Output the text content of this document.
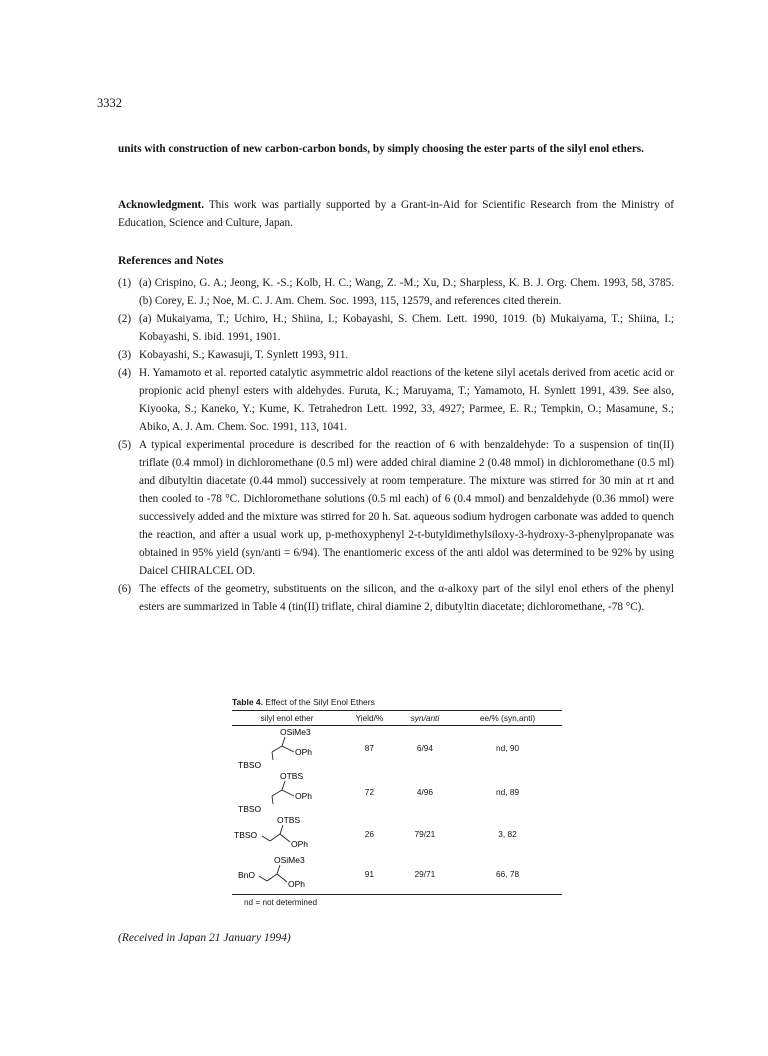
3332

units with construction of new carbon-carbon bonds, by simply choosing the ester parts of the silyl enol ethers.

Acknowledgment. This work was partially supported by a Grant-in-Aid for Scientific Research from the Ministry of Education, Science and Culture, Japan.

References and Notes
(1) (a) Crispino, G. A.; Jeong, K. -S.; Kolb, H. C.; Wang, Z. -M.; Xu, D.; Sharpless, K. B. J. Org. Chem. 1993, 58, 3785. (b) Corey, E. J.; Noe, M. C. J. Am. Chem. Soc. 1993, 115, 12579, and references cited therein.
(2) (a) Mukaiyama, T.; Uchiro, H.; Shiina, I.; Kobayashi, S. Chem. Lett. 1990, 1019. (b) Mukaiyama, T.; Shiina, I.; Kobayashi, S. ibid. 1991, 1901.
(3) Kobayashi, S.; Kawasuji, T. Synlett 1993, 911.
(4) H. Yamamoto et al. reported catalytic asymmetric aldol reactions of the ketene silyl acetals derived from acetic acid or propionic acid phenyl esters with aldehydes. Furuta, K.; Maruyama, T.; Yamamoto, H. Synlett 1991, 439. See also, Kiyooka, S.; Kaneko, Y.; Kume, K. Tetrahedron Lett. 1992, 33, 4927; Parmee, E. R.; Tempkin, O.; Masamune, S.; Abiko, A. J. Am. Chem. Soc. 1991, 113, 1041.
(5) A typical experimental procedure is described for the reaction of 6 with benzaldehyde: To a suspension of tin(II) triflate (0.4 mmol) in dichloromethane (0.5 ml) were added chiral diamine 2 (0.48 mmol) in dichloromethane (0.5 ml) and dibutyltin diacetate (0.44 mmol) successively at room temperature. The mixture was stirred for 30 min at rt and then cooled to -78 °C. Dichloromethane solutions (0.5 ml each) of 6 (0.4 mmol) and benzaldehyde (0.36 mmol) were successively added and the mixture was stirred for 20 h. Sat. aqueous sodium hydrogen carbonate was added to quench the reaction, and after a usual work up, p-methoxyphenyl 2-t-butyldimethylsiloxy-3-hydroxy-3-phenylpropanate was obtained in 95% yield (syn/anti = 6/94). The enantiomeric excess of the anti aldol was determined to be 92% by using Daicel CHIRALCEL OD.
(6) The effects of the geometry, substituents on the silicon, and the α-alkoxy part of the silyl enol ethers of the phenyl esters are summarized in Table 4 (tin(II) triflate, chiral diamine 2, dibutyltin diacetate; dichloromethane, -78 °C).
Table 4. Effect of the Silyl Enol Ethers
silyl enol ether	Yield/%	syn/anti	ee/% (syn,anti)

OSiMe3
OPh
TBSO	87	6/94	nd, 90

OTBS
OPh
TBSO	72	4/96	nd, 89

OTBS
OPh
TBSO	26	79/21	3, 82

OSiMe3
OPh
BnO	91	29/71	66, 78
nd = not determined
(Received in Japan 21 January 1994)
